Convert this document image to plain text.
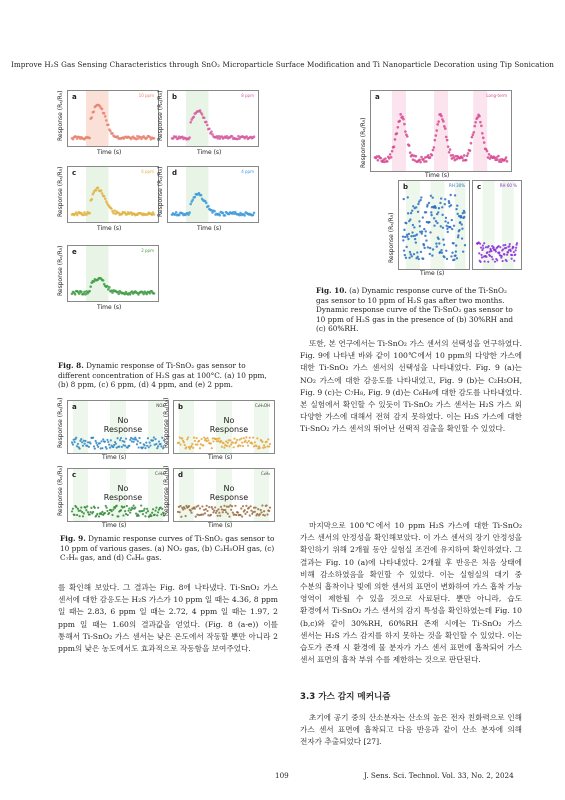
Improve H₂S Gas Sensing Characteristics through SnO₂ Microparticle Surface Modification and Ti Nanoparticle Decoration using Tip Sonication
a	10 ppm
Response (Rₐ/R₉)
Time (s)
b	8 ppm
Response (Rₐ/R₉)
Time (s)
c	6 ppm
Response (Rₐ/R₉)
Time (s)
d	4 ppm
Response (Rₐ/R₉)
Time (s)
e	2 ppm
Response (Rₐ/R₉)
Time (s)
Fig. 8. Dynamic response of Ti-SnO₂ gas sensor to different concentration of H₂S gas at 100°C. (a) 10 ppm, (b) 8 ppm, (c) 6 ppm, (d) 4 ppm, and (e) 2 ppm.
a	NO₂
No
Response
Response (Rₐ/R₉)
Time (s)
b	C₂H₅OH
No
Response
Response (Rₐ/R₉)
Time (s)
c	C₇H₈
No
Response
Response (Rₐ/R₉)
Time (s)
d	C₆H₆
No
Response
Response (Rₐ/R₉)
Time (s)
Fig. 9. Dynamic response curves of Ti-SnO₂ gas sensor to 10 ppm of various gases. (a) NO₂ gas, (b) C₂H₅OH gas, (c) C₇H₈ gas, and (d) C₆H₆ gas.
를 확인해 보았다. 그 결과는 Fig. 8에 나타냈다. Ti-SnO₂ 가스 센서에 대한 감응도는 H₂S 가스가 10 ppm 일 때는 4.36, 8 ppm 일 때는 2.83, 6 ppm 일 때는 2.72, 4 ppm 일 때는 1.97, 2 ppm 일 때는 1.60의 결과값을 얻었다. (Fig. 8 (a-e)) 이를 통해서 Ti-SnO₂ 가스 센서는 낮은 온도에서 작동할 뿐만 아니라 2 ppm의 낮은 농도에서도 효과적으로 작동함을 보여주었다.
a	Long-term
Response (Rₐ/R₉)
Time (s)
b	RH 30% c	RH 60 %
Response (Rₐ/R₉)
Time (s)
Fig. 10. (a) Dynamic response curve of the Ti-SnO₂ gas sensor to 10 ppm of H₂S gas after two months. Dynamic response curve of the Ti-SnO₂ gas sensor to 10 ppm of H₂S gas in the presence of (b) 30%RH and (c) 60%RH.
또한, 본 연구에서는 Ti-SnO₂ 가스 센서의 선택성을 연구하였다. Fig. 9에 나타낸 바와 같이 100℃에서 10 ppm의 다양한 가스에 대한 Ti-SnO₂ 가스 센서의 선택성을 나타내었다. Fig. 9 (a)는 NO₂ 가스에 대한 감응도를 나타내었고, Fig. 9 (b)는 C₂H₅OH, Fig. 9 (c)는 C₇H₈, Fig. 9 (d)는 C₆H₆에 대한 감도를 나타내었다. 본 실험에서 확인할 수 있듯이 Ti-SnO₂ 가스 센서는 H₂S 가스 외 다양한 가스에 대해서 전혀 감지 못하였다. 이는 H₂S 가스에 대한 Ti-SnO₂ 가스 센서의 뛰어난 선택적 검출을 확인할 수 있었다.
마지막으로 100℃에서 10 ppm H₂S 가스에 대한 Ti-SnO₂ 가스 센서의 안정성을 확인해보았다. 이 가스 센서의 장기 안정성을 확인하기 위해 2개월 동안 실험실 조건에 유지하여 확인하였다. 그 결과는 Fig. 10 (a)에 나타내었다. 2개월 후 반응은 처음 상태에 비해 감소하였음을 확인할 수 있었다. 이는 실험실의 대기 중 수분의 흡착이나 빛에 의한 센서의 표면이 변화하여 가스 흡착 가능 영역이 제한될 수 있을 것으로 사료된다. 뿐만 아니라, 습도 환경에서 Ti-SnO₂ 가스 센서의 감지 특성을 확인하였는데 Fig. 10 (b,c)와 같이 30%RH, 60%RH 존재 시에는 Ti-SnO₂ 가스 센서는 H₂S 가스 감지를 하지 못하는 것을 확인할 수 있었다. 이는 습도가 존재 시 환경에 물 분자가 가스 센서 표면에 흡착되어 가스 센서 표면의 흡착 부위 수를 제한하는 것으로 판단된다.
3.3 가스 감지 메커니즘
초기에 공기 중의 산소분자는 산소의 높은 전자 친화력으로 인해 가스 센서 표면에 흡착되고 다음 반응과 같이 산소 분자에 의해 전자가 추출되었다 [27].
109	J. Sens. Sci. Technol. Vol. 33, No. 2, 2024
